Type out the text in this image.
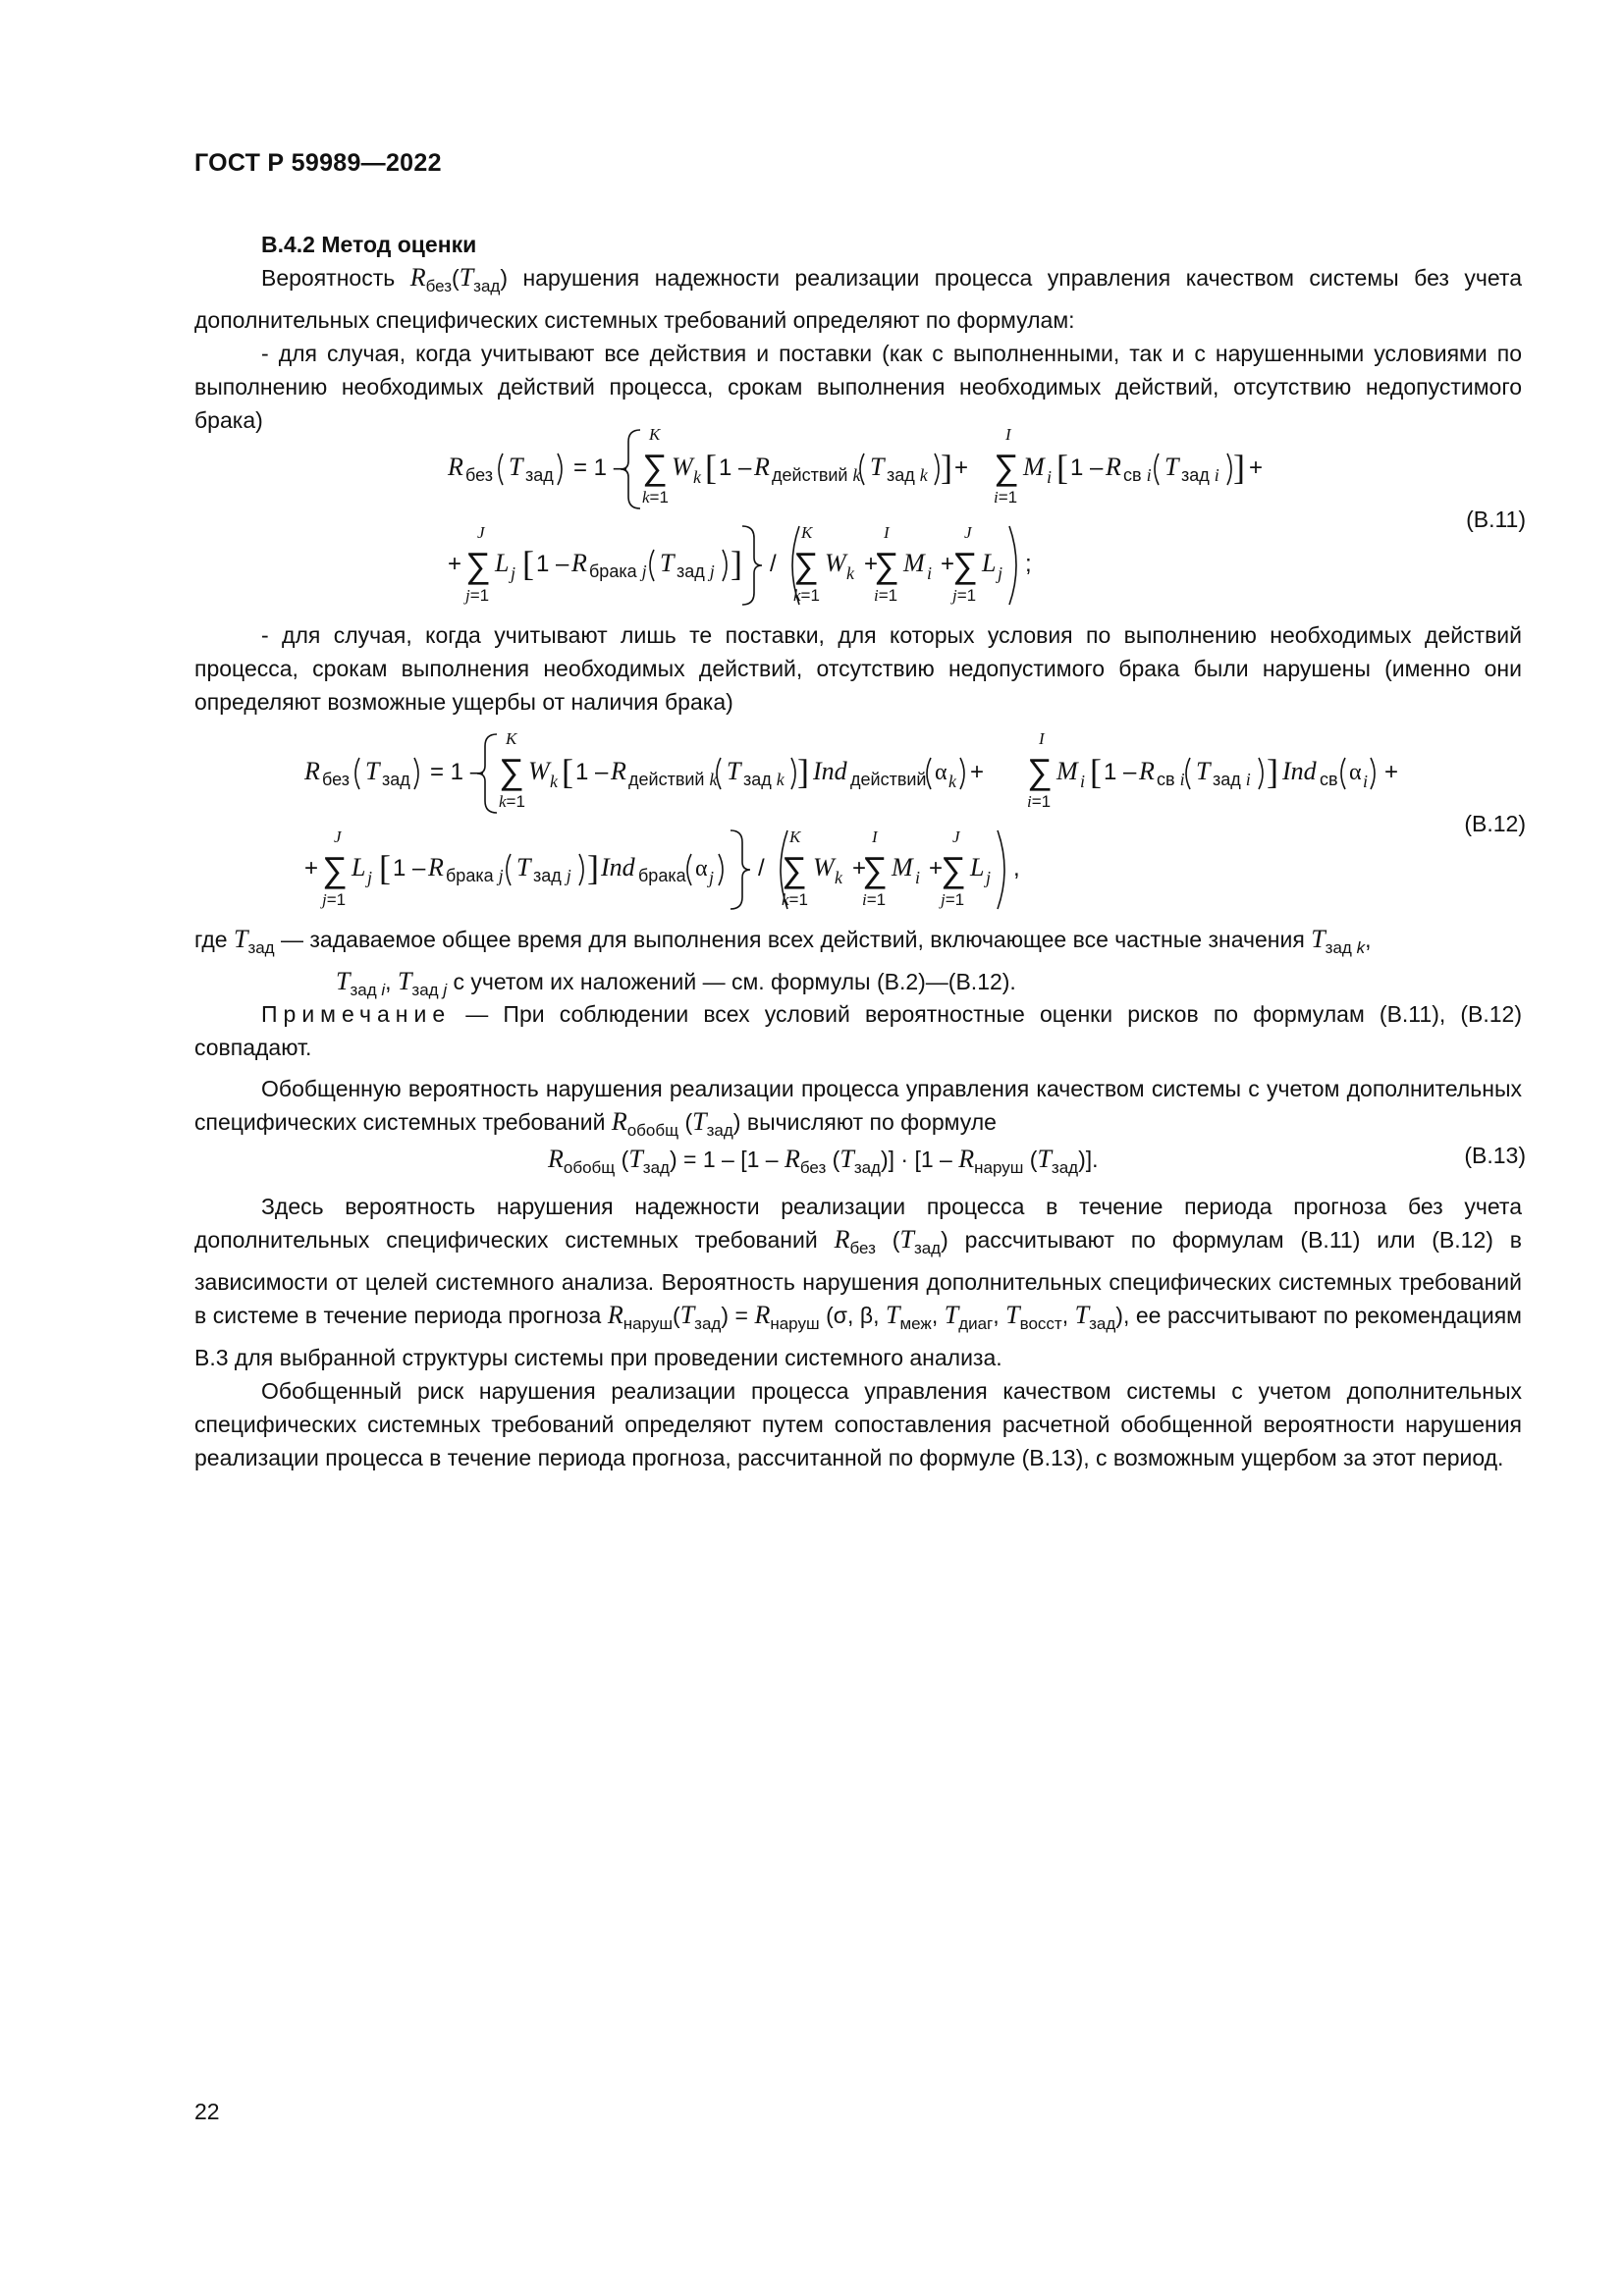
ГОСТ Р 59989—2022

В.4.2 Метод оценки

Вероятность $R_{без}(T_{зад})$ нарушения надежности реализации процесса управления качеством системы без учета дополнительных специфических системных требований определяют по формулам:

- для случая, когда учитывают все действия и поставки (как с выполненными, так и с нарушенными условиями по выполнению необходимых действий процесса, срокам выполнения необходимых действий, отсутствию недопустимого брака)

R без T зад = 1 –
K
∑
k=1
W k [ 1 – R действий k T зад k ] +
I
∑
i=1
M i [ 1 – R св i T зад i ] +
+
J
∑
j=1
L j [ 1 – R брака j T зад j ] /
K
∑
k=1
W k +
I
∑
i=1
M i +
J
∑
j=1
L j ;
(В.11)

- для случая, когда учитывают лишь те поставки, для которых условия по выполнению необходимых действий процесса, срокам выполнения необходимых действий, отсутствию недопустимого брака были нарушены (именно они определяют возможные ущербы от наличия брака)

R без T зад = 1 –
K
∑
k=1
W k [ 1 – R действий k T зад k ] Ind действий α k +
I
∑
i=1
M i [ 1 – R св i T зад i ] Ind св α i +
+
J
∑
j=1
L j [ 1 – R брака j T зад j ] Ind брака α j /
K
∑
k=1
W k +
I
∑
i=1
M i +
J
∑
j=1
L j ,
(В.12)
где $T_{зад}$ — задаваемое общее время для выполнения всех действий, включающее все частные значения $T_{зад k}$,
$T_{зад i}$, $T_{зад j}$ с учетом их наложений — см. формулы (В.2)—(В.12).

Примечание — При соблюдении всех условий вероятностные оценки рисков по формулам (В.11), (В.12) совпадают.

Обобщенную вероятность нарушения реализации процесса управления качеством системы с учетом дополнительных специфических системных требований $R_{обобщ}$ $(T_{зад})$ вычисляют по формуле

$R_{обобщ}$ $(T_{зад}) = 1 - [1 - R_{без}$ $(T_{зад})] \cdot [1 - R_{наруш}$ $(T_{зад})$].	(В.13)

Здесь вероятность нарушения надежности реализации процесса в течение периода прогноза без учета дополнительных специфических системных требований $R_{без}$ $(T_{зад})$ рассчитывают по формулам (В.11) или (В.12) в зависимости от целей системного анализа. Вероятность нарушения дополнительных специфических системных требований в системе в течение периода прогноза $R_{наруш}(T_{зад}) = R_{наруш}$ (σ, β, $T_{меж}$, $T_{диаг}$, $T_{восст}$, $T_{зад}$), ее рассчитывают по рекомендациям В.3 для выбранной структуры системы при проведении системного анализа.

Обобщенный риск нарушения реализации процесса управления качеством системы с учетом дополнительных специфических системных требований определяют путем сопоставления расчетной обобщенной вероятности нарушения реализации процесса в течение периода прогноза, рассчитанной по формуле (В.13), с возможным ущербом за этот период.

22
